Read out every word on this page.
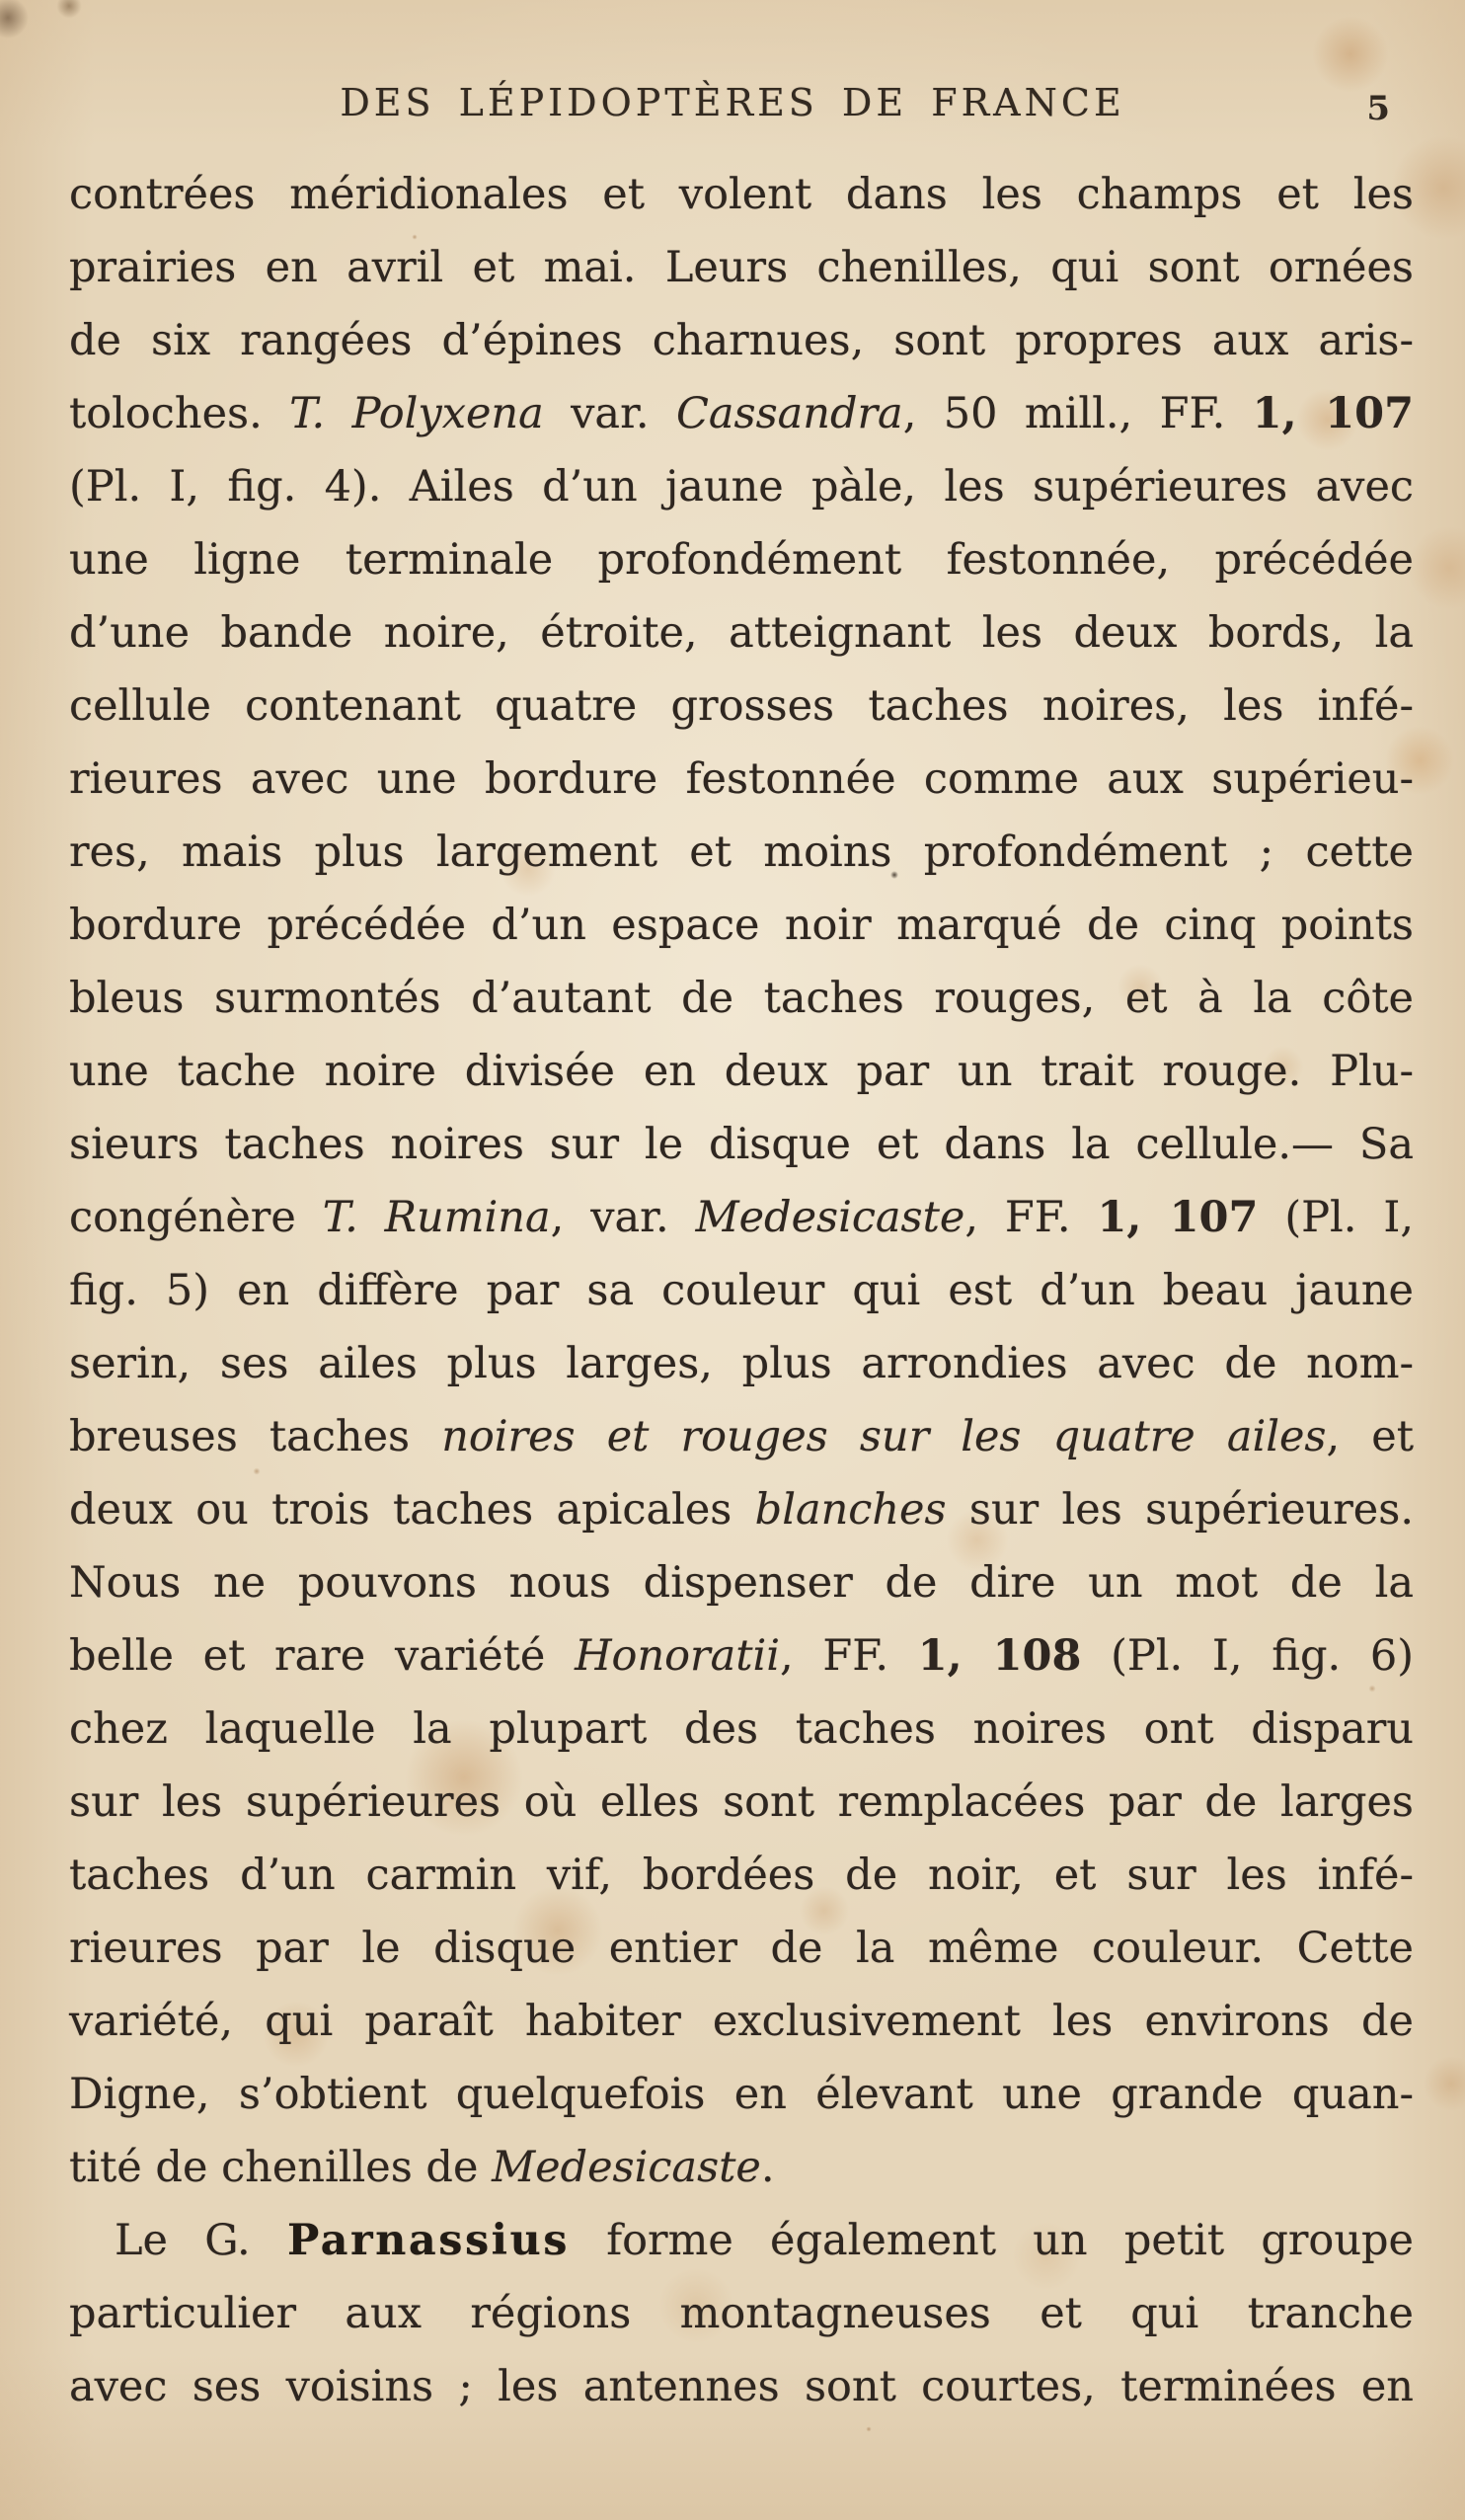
DES LÉPIDOPTÈRES DE FRANCE	5
contrées méridionales et volent dans les champs et les
prairies en avril et mai. Leurs chenilles, qui sont ornées
de six rangées d’épines charnues, sont propres aux aris-
toloches. T. Polyxena var. Cassandra, 50 mill., FF. 1, 107
(Pl. I, fig. 4). Ailes d’un jaune pàle, les supérieures avec
une ligne terminale profondément festonnée, précédée
d’une bande noire, étroite, atteignant les deux bords, la
cellule contenant quatre grosses taches noires, les infé-
rieures avec une bordure festonnée comme aux supérieu-
res, mais plus largement et moins profondément ; cette
bordure précédée d’un espace noir marqué de cinq points
bleus surmontés d’autant de taches rouges, et à la côte
une tache noire divisée en deux par un trait rouge. Plu-
sieurs taches noires sur le disque et dans la cellule.— Sa
congénère T. Rumina, var. Medesicaste, FF. 1, 107 (Pl. I,
fig. 5) en diffère par sa couleur qui est d’un beau jaune
serin, ses ailes plus larges, plus arrondies avec de nom-
breuses taches noires et rouges sur les quatre ailes, et
deux ou trois taches apicales blanches sur les supérieures.
Nous ne pouvons nous dispenser de dire un mot de la
belle et rare variété Honoratii, FF. 1, 108 (Pl. I, fig. 6)
chez laquelle la plupart des taches noires ont disparu
sur les supérieures où elles sont remplacées par de larges
taches d’un carmin vif, bordées de noir, et sur les infé-
rieures par le disque entier de la même couleur. Cette
variété, qui paraît habiter exclusivement les environs de
Digne, s’obtient quelquefois en élevant une grande quan-
tité de chenilles de Medesicaste.
Le G. Parnassius forme également un petit groupe
particulier aux régions montagneuses et qui tranche
avec ses voisins ; les antennes sont courtes, terminées en
